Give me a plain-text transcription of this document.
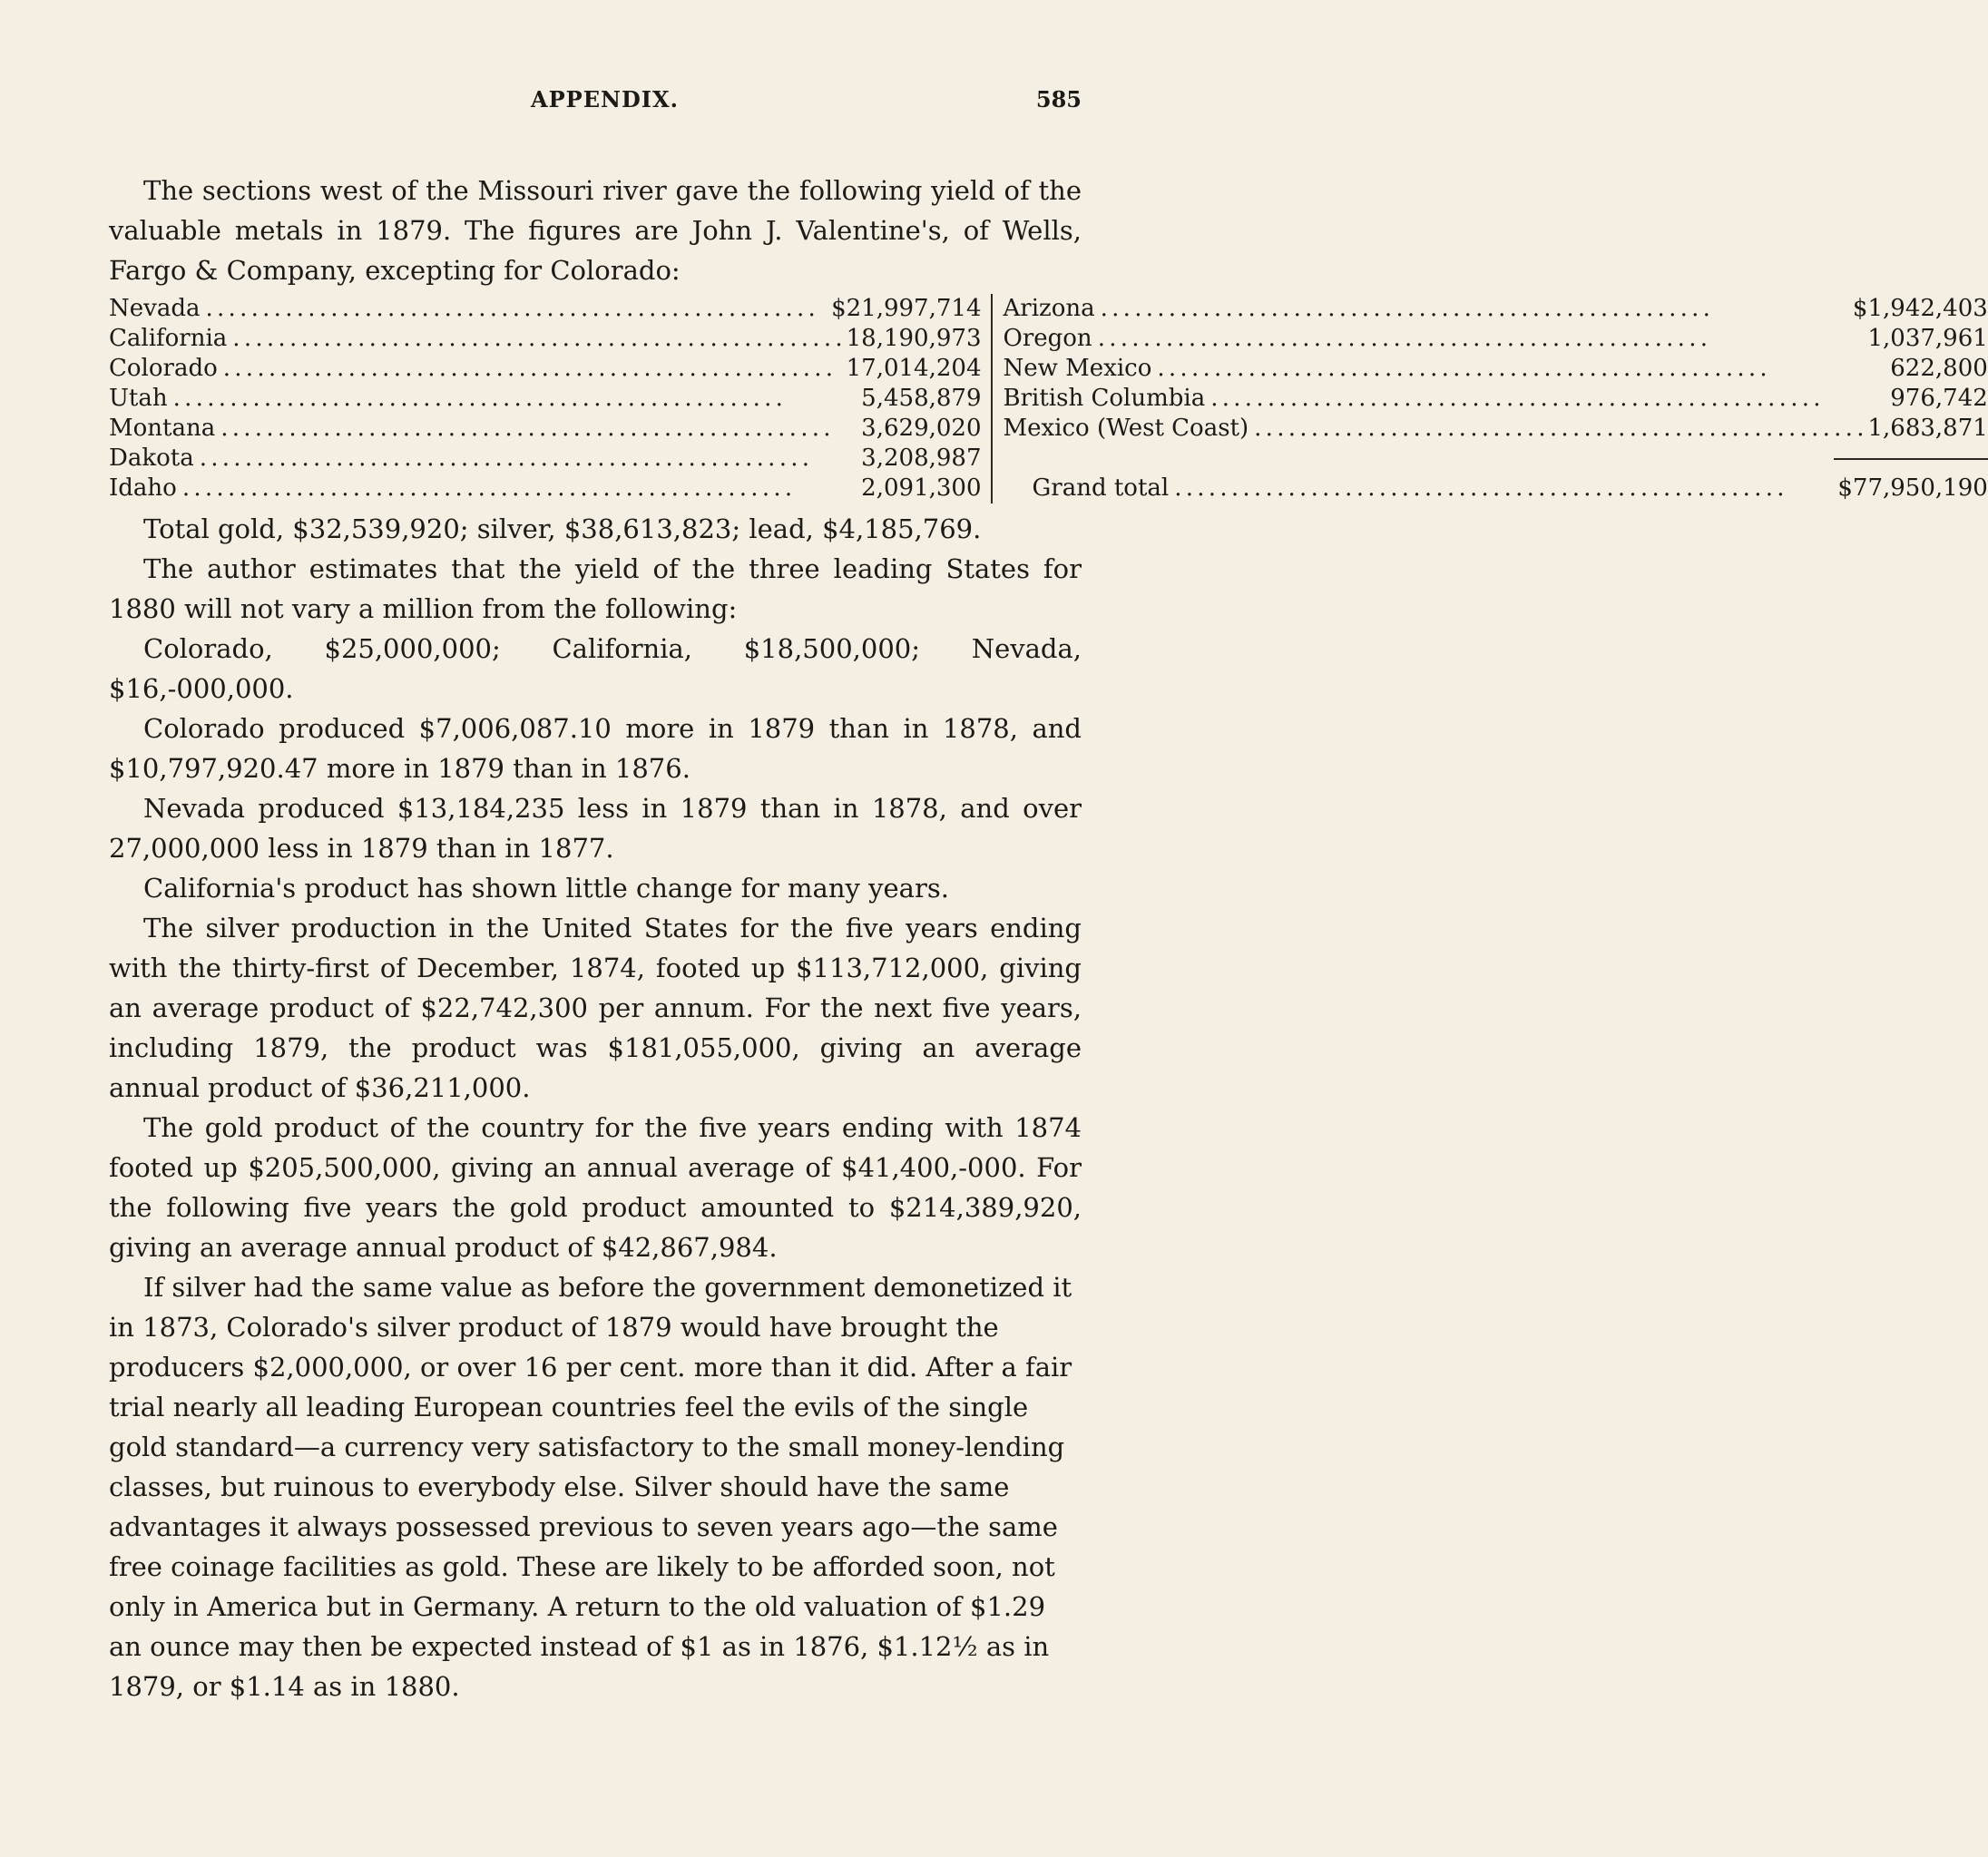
APPENDIX.	585

The sections west of the Missouri river gave the following yield of the valuable metals in 1879. The figures are John J. Valentine's, of Wells, Fargo & Company, excepting for Colorado:

Nevada . . .	$21,997,714
California . . .	18,190,973
Colorado . . .	17,014,204
Utah . . .	5,458,879
Montana . . .	3,629,020
Dakota . . .	3,208,987
Idaho . . .	2,091,300
Arizona . . .	$1,942,403
Oregon . . .	1,037,961
New Mexico . . .	622,800
British Columbia . . .	976,742
Mexico (West Coast) . . .	1,683,871
Grand total . . .	$77,950,190

Total gold, $32,539,920; silver, $38,613,823; lead, $4,185,769.

The author estimates that the yield of the three leading States for 1880 will not vary a million from the following:

Colorado, $25,000,000; California, $18,500,000; Nevada, $16,-000,000.

Colorado produced $7,006,087.10 more in 1879 than in 1878, and $10,797,920.47 more in 1879 than in 1876.

Nevada produced $13,184,235 less in 1879 than in 1878, and over 27,000,000 less in 1879 than in 1877.

California's product has shown little change for many years.

The silver production in the United States for the five years ending with the thirty-first of December, 1874, footed up $113,712,000, giving an average product of $22,742,300 per annum. For the next five years, including 1879, the product was $181,055,000, giving an average annual product of $36,211,000.

The gold product of the country for the five years ending with 1874 footed up $205,500,000, giving an annual average of $41,400,-000. For the following five years the gold product amounted to $214,389,920, giving an average annual product of $42,867,984.

If silver had the same value as before the government demonetized it in 1873, Colorado's silver product of 1879 would have brought the producers $2,000,000, or over 16 per cent. more than it did. After a fair trial nearly all leading European countries feel the evils of the single gold standard—a currency very satisfactory to the small money-lending classes, but ruinous to everybody else. Silver should have the same advantages it always possessed previous to seven years ago—the same free coinage facilities as gold. These are likely to be afforded soon, not only in America but in Germany. A return to the old valuation of $1.29 an ounce may then be expected instead of $1 as in 1876, $1.12½ as in 1879, or $1.14 as in 1880.
